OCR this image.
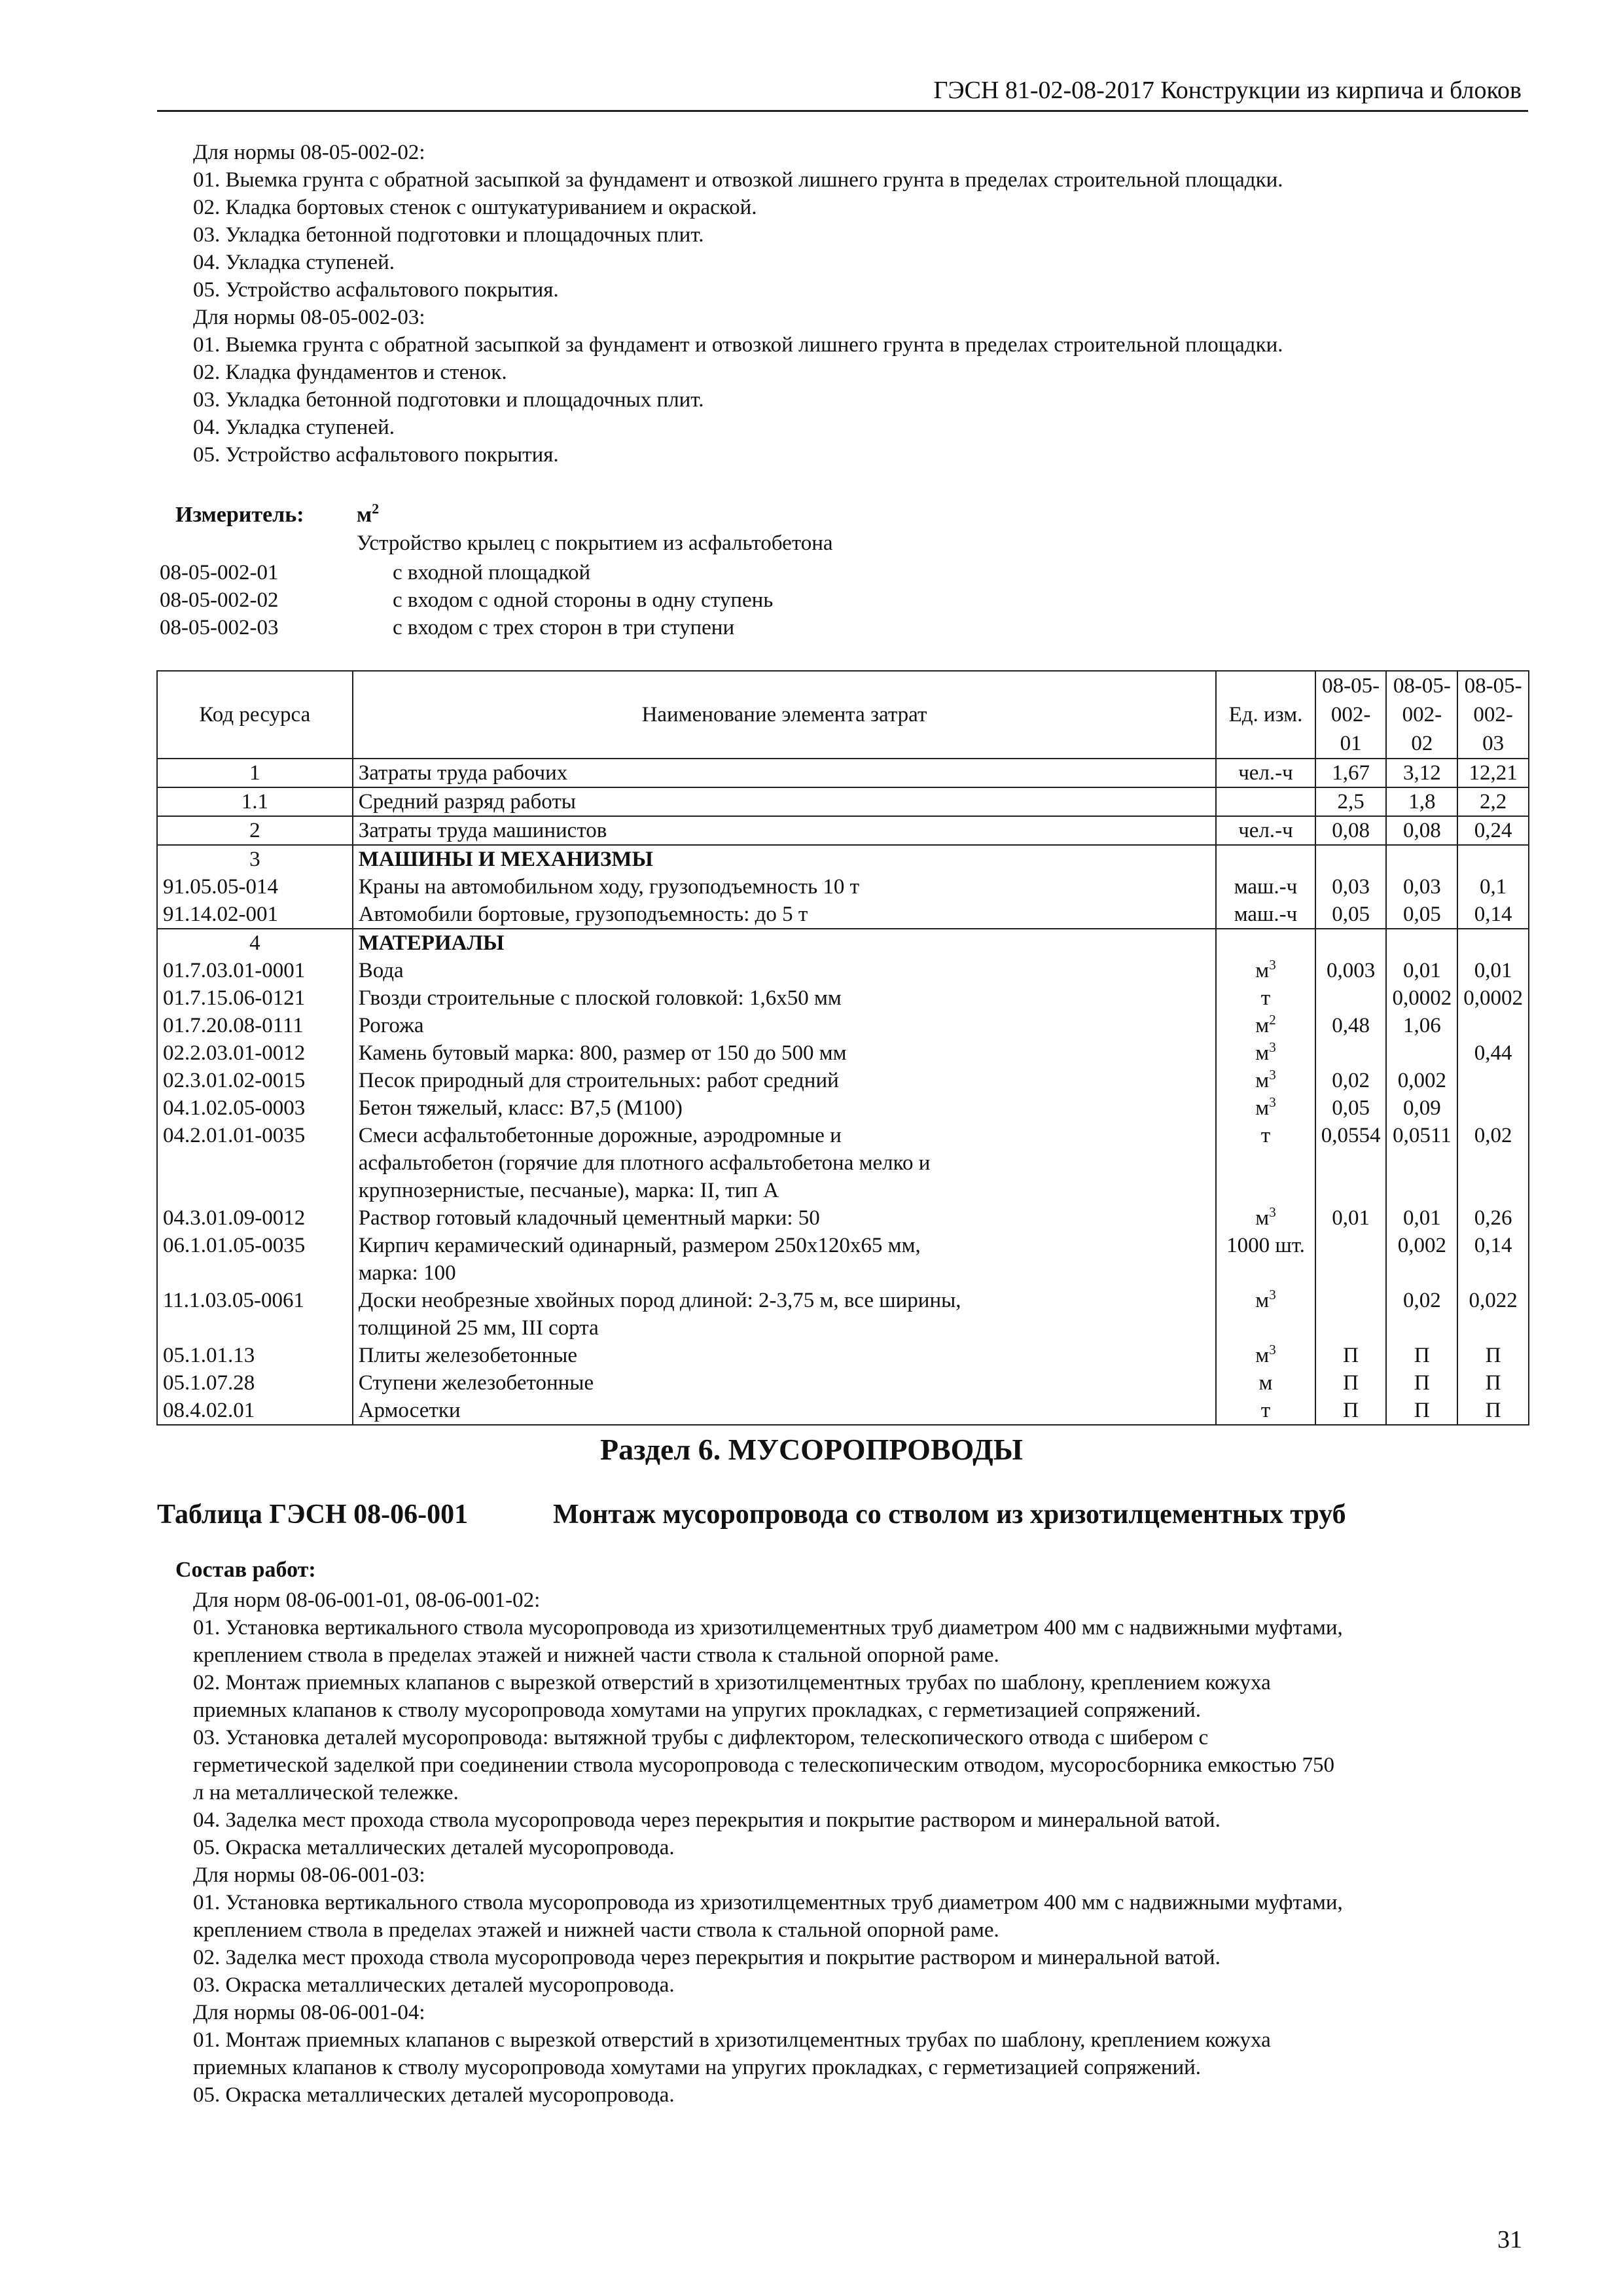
ГЭСН 81-02-08-2017 Конструкции из кирпича и блоков
Для нормы 08-05-002-02:
01. Выемка грунта с обратной засыпкой за фундамент и отвозкой лишнего грунта в пределах строительной площадки.
02. Кладка бортовых стенок с оштукатуриванием и окраской.
03. Укладка бетонной подготовки и площадочных плит.
04. Укладка ступеней.
05. Устройство асфальтового покрытия.
Для нормы 08-05-002-03:
01. Выемка грунта с обратной засыпкой за фундамент и отвозкой лишнего грунта в пределах строительной площадки.
02. Кладка фундаментов и стенок.
03. Укладка бетонной подготовки и площадочных плит.
04. Укладка ступеней.
05. Устройство асфальтового покрытия.
Измеритель: $м^2$
Устройство крылец с покрытием из асфальтобетона
08-05-002-01	с входной площадкой
08-05-002-02	с входом с одной стороны в одну ступень
08-05-002-03	с входом с трех сторон в три ступени
Код ресурса	Наименование элемента затрат	Ед. изм.	08-05-002-01	08-05-002-02	08-05-002-03
1	Затраты труда рабочих	чел.-ч	1,67	3,12	12,21
1.1	Средний разряд работы		2,5	1,8	2,2
2	Затраты труда машинистов	чел.-ч	0,08	0,08	0,24
3	МАШИНЫ И МЕХАНИЗМЫ				
91.05.05-014	Краны на автомобильном ходу, грузоподъемность 10 т	маш.-ч	0,03	0,03	0,1
91.14.02-001	Автомобили бортовые, грузоподъемность: до 5 т	маш.-ч	0,05	0,05	0,14
4	МАТЕРИАЛЫ				
01.7.03.01-0001	Вода	$м^3$	0,003	0,01	0,01
01.7.15.06-0121	Гвозди строительные с плоской головкой: 1,6х50 мм	т		0,0002	0,0002
01.7.20.08-0111	Рогожа	$м^2$	0,48	1,06	
02.2.03.01-0012	Камень бутовый марка: 800, размер от 150 до 500 мм	$м^3$			0,44
02.3.01.02-0015	Песок природный для строительных: работ средний	$м^3$	0,02	0,002	
04.1.02.05-0003	Бетон тяжелый, класс: В7,5 (М100)	$м^3$	0,05	0,09	
04.2.01.01-0035	Смеси асфальтобетонные дорожные, аэродромные и
асфальтобетон (горячие для плотного асфальтобетона мелко и
крупнозернистые, песчаные), марка: II, тип А	т	0,0554	0,0511	0,02
04.3.01.09-0012	Раствор готовый кладочный цементный марки: 50	$м^3$	0,01	0,01	0,26
06.1.01.05-0035	Кирпич керамический одинарный, размером 250х120х65 мм,
марка: 100	1000 шт.		0,002	0,14
11.1.03.05-0061	Доски необрезные хвойных пород длиной: 2-3,75 м, все ширины,
толщиной 25 мм, III сорта	$м^3$		0,02	0,022
05.1.01.13	Плиты железобетонные	$м^3$	П	П	П
05.1.07.28	Ступени железобетонные	м	П	П	П
08.4.02.01	Армосетки	т	П	П	П
Раздел 6. МУСОРОПРОВОДЫ
Таблица ГЭСН 08-06-001	Монтаж мусоропровода со стволом из хризотилцементных труб
Состав работ:
Для норм 08-06-001-01, 08-06-001-02:
01. Установка вертикального ствола мусоропровода из хризотилцементных труб диаметром 400 мм с надвижными муфтами,
креплением ствола в пределах этажей и нижней части ствола к стальной опорной раме.
02. Монтаж приемных клапанов с вырезкой отверстий в хризотилцементных трубах по шаблону, креплением кожуха
приемных клапанов к стволу мусоропровода хомутами на упругих прокладках, с герметизацией сопряжений.
03. Установка деталей мусоропровода: вытяжной трубы с дифлектором, телескопического отвода с шибером с
герметической заделкой при соединении ствола мусоропровода с телескопическим отводом, мусоросборника емкостью 750
л на металлической тележке.
04. Заделка мест прохода ствола мусоропровода через перекрытия и покрытие раствором и минеральной ватой.
05. Окраска металлических деталей мусоропровода.
Для нормы 08-06-001-03:
01. Установка вертикального ствола мусоропровода из хризотилцементных труб диаметром 400 мм с надвижными муфтами,
креплением ствола в пределах этажей и нижней части ствола к стальной опорной раме.
02. Заделка мест прохода ствола мусоропровода через перекрытия и покрытие раствором и минеральной ватой.
03. Окраска металлических деталей мусоропровода.
Для нормы 08-06-001-04:
01. Монтаж приемных клапанов с вырезкой отверстий в хризотилцементных трубах по шаблону, креплением кожуха
приемных клапанов к стволу мусоропровода хомутами на упругих прокладках, с герметизацией сопряжений.
05. Окраска металлических деталей мусоропровода.
31
